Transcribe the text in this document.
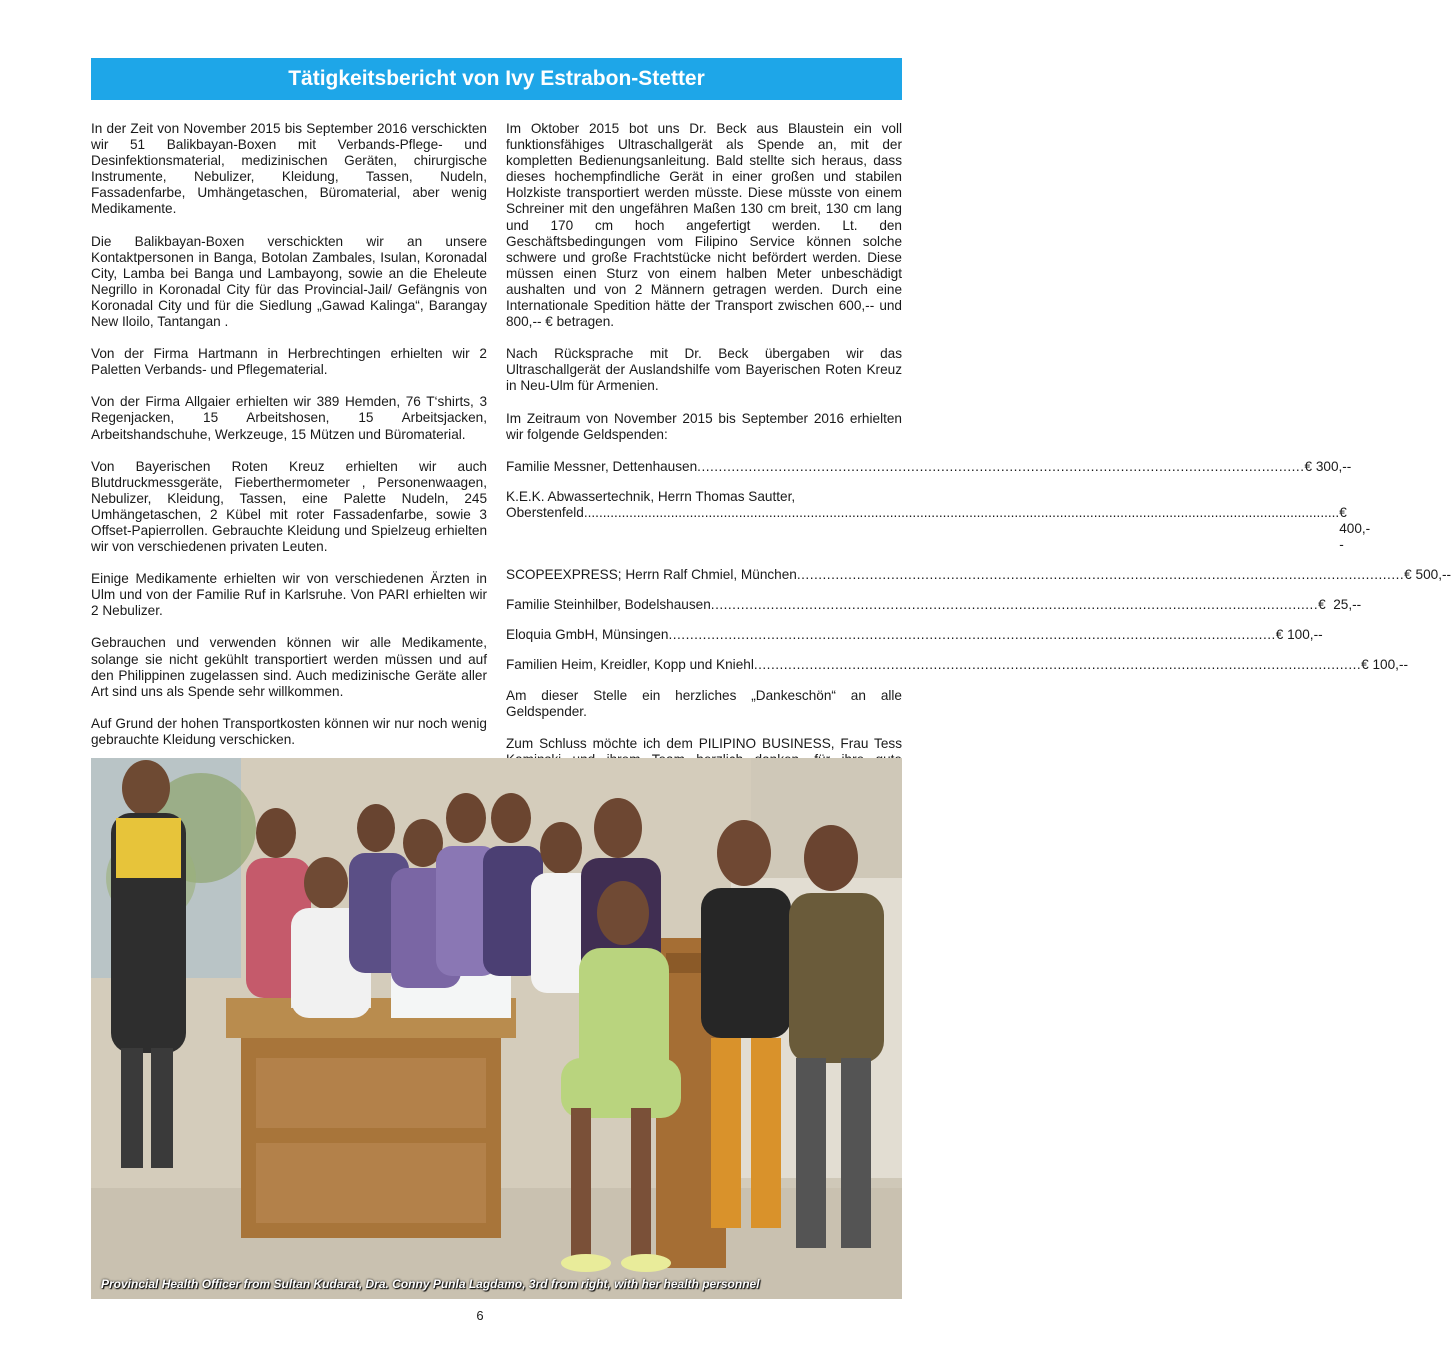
Tätigkeitsbericht von Ivy Estrabon-Stetter

In der Zeit von November 2015 bis September 2016 verschickten wir 51 Balikbayan-Boxen mit Verbands-Pflege- und Desinfektionsmaterial, medizinischen Geräten, chirurgische Instrumente, Nebulizer, Kleidung, Tassen, Nudeln, Fassadenfarbe, Umhängetaschen, Büromaterial, aber wenig Medikamente.

Die Balikbayan-Boxen verschickten wir an unsere Kontaktpersonen in Banga, Botolan Zambales, Isulan, Koronadal City, Lamba bei Banga und Lambayong, sowie an die Eheleute Negrillo in Koronadal City für das Provincial-Jail/ Gefängnis von Koronadal City und für die Siedlung „Gawad Kalinga“, Barangay New Iloilo, Tantangan .

Von der Firma Hartmann in Herbrechtingen erhielten wir 2 Paletten Verbands- und Pflegematerial.

Von der Firma Allgaier erhielten wir 389 Hemden, 76 T‘shirts, 3 Regenjacken, 15 Arbeitshosen, 15 Arbeitsjacken, Arbeitshandschuhe, Werkzeuge, 15 Mützen und Büromaterial.

Von Bayerischen Roten Kreuz erhielten wir auch Blutdruckmessgeräte, Fieberthermometer , Personenwaagen, Nebulizer, Kleidung, Tassen, eine Palette Nudeln, 245 Umhängetaschen, 2 Kübel mit roter Fassadenfarbe, sowie 3 Offset-Papierrollen. Gebrauchte Kleidung und Spielzeug erhielten wir von verschiedenen privaten Leuten.

Einige Medikamente erhielten wir von verschiedenen Ärzten in Ulm und von der Familie Ruf in Karlsruhe. Von PARI erhielten wir 2 Nebulizer.

Gebrauchen und verwenden können wir alle Medikamente, solange sie nicht gekühlt transportiert werden müssen und auf den Philippinen zugelassen sind. Auch medizinische Geräte aller Art sind uns als Spende sehr willkommen.

Auf Grund der hohen Transportkosten können wir nur noch wenig gebrauchte Kleidung verschicken.

Im Oktober 2015 bot uns Dr. Beck aus Blaustein ein voll funktionsfähiges Ultraschallgerät als Spende an, mit der kompletten Bedienungsanleitung. Bald stellte sich heraus, dass dieses hochempfindliche Gerät in einer großen und stabilen Holzkiste transportiert werden müsste. Diese müsste von einem Schreiner mit den ungefähren Maßen 130 cm breit, 130 cm lang und 170 cm hoch angefertigt werden. Lt. den Geschäftsbedingungen vom Filipino Service können solche schwere und große Frachtstücke nicht befördert werden. Diese müssen einen Sturz von einem halben Meter unbeschädigt aushalten und von 2 Männern getragen werden. Durch eine Internationale Spedition hätte der Transport zwischen 600,-- und 800,-- € betragen.

Nach Rücksprache mit Dr. Beck übergaben wir das Ultraschallgerät der Auslandshilfe vom Bayerischen Roten Kreuz in Neu-Ulm für Armenien.

Im Zeitraum von November 2015 bis September 2016 erhielten wir folgende Geldspenden:

Familie Messner, Dettenhausen .....	€ 300,--
K.E.K. Abwassertechnik, Herrn Thomas Sautter,
Oberstenfeld ........................................................................................................................................................................................................ € 400,--
SCOPEEXPRESS; Herrn Ralf Chmiel, München .....	€ 500,--
Familie Steinhilber, Bodelshausen .....	€  25,--
Eloquia GmbH, Münsingen .....	€ 100,--
Familien Heim, Kreidler, Kopp und Kniehl .....	€ 100,--

Am dieser Stelle ein herzliches „Dankeschön“ an alle Geldspender.

Zum Schluss möchte ich dem PILIPINO BUSINESS, Frau Tess

Provincial Health Officer from Sultan Kudarat, Dra. Conny Punla Lagdamo, 3rd from right, with her health personnel
6
